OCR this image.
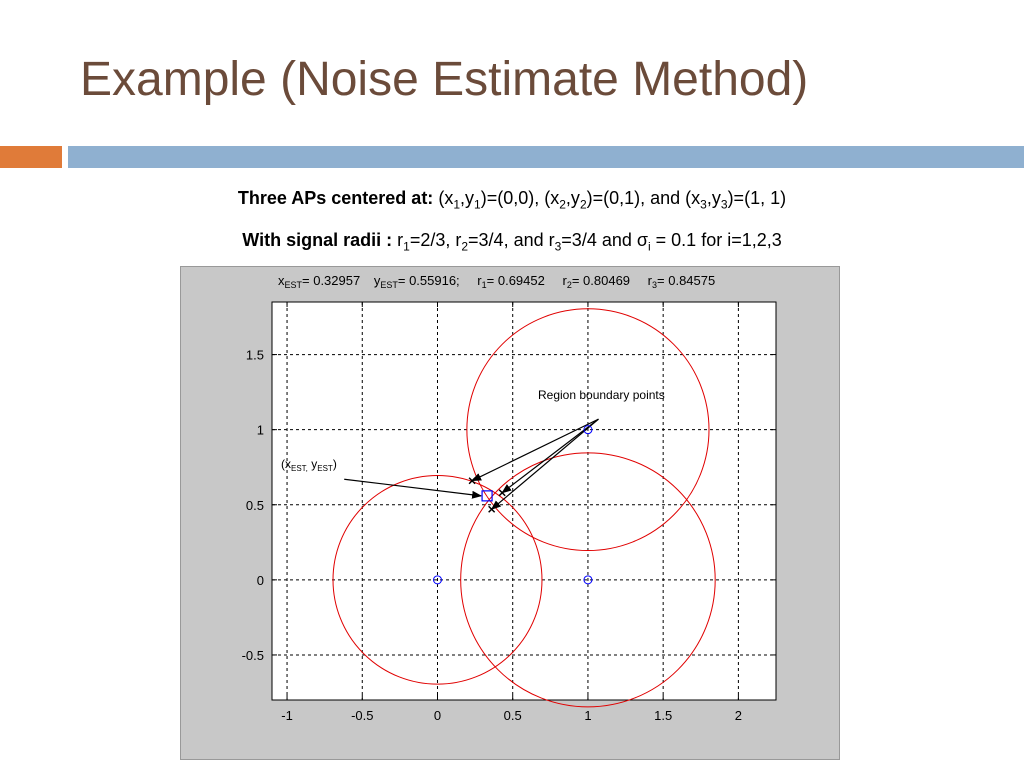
Example (Noise Estimate Method)
Three APs centered at: $(x_1,y_1)=(0,0)$, $(x_2,y_2)=(0,1)$, and $(x_3,y_3)=(1$, 1)
With signal radii : $r_1=2/3$, $r_2=3/4$, and $r_3=3/4$ and $\sigma_i = 0.1$ for i=1,2,3
-1	-0.5	0	0.5	1	1.5	2
-0.5
0
0.5
1
1.5
$x_{EST}= 0.32957$ $y_{EST}= 0.55916$; $r_1= 0.69452$ $r_2= 0.80469$ $r_3= 0.84575$
Region boundary points
($x_{EST,}$ $y_{EST}$)
